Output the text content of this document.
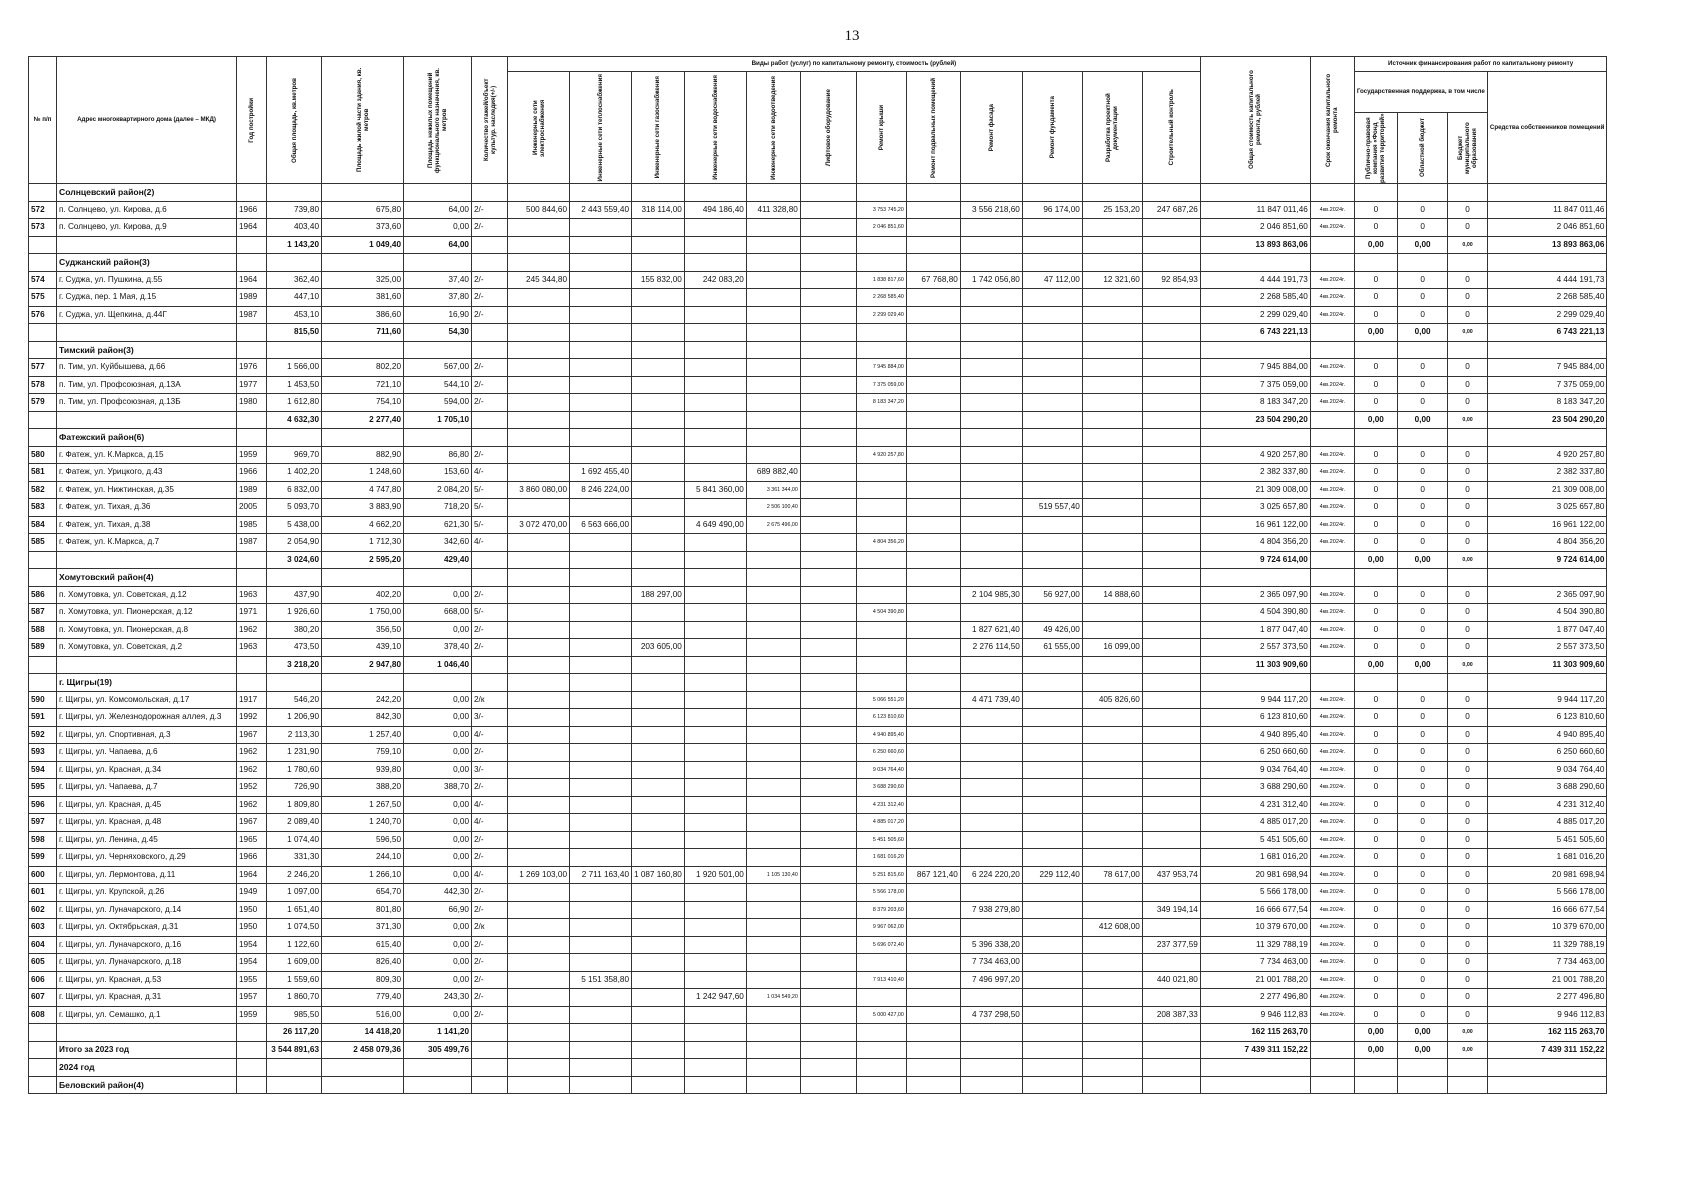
13
№ п/п	Адрес многоквартирного дома (далее – МКД)	Год постройки	Общая площадь, кв.метров	Площадь жилой части здания, кв. метров	Площадь нежилых помещений функционального назначения, кв. метров	Количество этажей/объект культур. наследия(+/-)	Виды работ (услуг) по капитальному ремонту, стоимость (рублей)												Общая стоимость капитального ремонта, рублей	Срок окончания капитального ремонта	Источник финансирования работ по капитальному ремонту			

							Инженерные сети электроснабжения	Инженерные сети теплоснабжения	Инженерные сети газоснабжения	Инженерные сети водоснабжения	Инженерные сети водоотведения	Лифтовое оборудование	Ремонт крыши	Ремонт подвальных помещений	Ремонт фасада	Ремонт фундамента	Разработка проектной документации	Строительный контроль			Государственная поддержка, в том числе			Средства собственников помещений

																					Публично-правовая компания «Фонд развития территорий»	Областной бюджет	Бюджет муниципального образования	

	Солнцевский район(2)																							
572	п. Солнцево, ул. Кирова, д.6	1966	739,80	675,80	64,00	2/-	500 844,60	2 443 559,40	318 114,00	494 186,40	411 328,80		3 753 745,20		3 556 218,60	96 174,00	25 153,20	247 687,26	11 847 011,46	4кв.2024г.	0	0	0	11 847 011,46
573	п. Солнцево, ул. Кирова, д.9	1964	403,40	373,60	0,00	2/-							2 046 851,60						2 046 851,60	4кв.2024г.	0	0	0	2 046 851,60
			1 143,20	1 049,40	64,00														13 893 863,06		0,00	0,00	0,00	13 893 863,06
	Суджанский район(3)																							
574	г. Суджа, ул. Пушкина, д.55	1964	362,40	325,00	37,40	2/-	245 344,80		155 832,00	242 083,20			1 838 817,60	67 768,80	1 742 056,80	47 112,00	12 321,60	92 854,93	4 444 191,73	4кв.2024г.	0	0	0	4 444 191,73
575	г. Суджа, пер. 1 Мая, д.15	1989	447,10	381,60	37,80	2/-							2 268 585,40						2 268 585,40	4кв.2024г.	0	0	0	2 268 585,40
576	г. Суджа, ул. Щепкина, д.44Г	1987	453,10	386,60	16,90	2/-							2 299 029,40						2 299 029,40	4кв.2024г.	0	0	0	2 299 029,40
			815,50	711,60	54,30														6 743 221,13		0,00	0,00	0,00	6 743 221,13
	Тимский район(3)																							
577	п. Тим, ул. Куйбышева, д.66	1976	1 566,00	802,20	567,00	2/-							7 945 884,00						7 945 884,00	4кв.2024г.	0	0	0	7 945 884,00
578	п. Тим, ул. Профсоюзная, д.13А	1977	1 453,50	721,10	544,10	2/-							7 375 059,00						7 375 059,00	4кв.2024г.	0	0	0	7 375 059,00
579	п. Тим, ул. Профсоюзная, д.13Б	1980	1 612,80	754,10	594,00	2/-							8 183 347,20						8 183 347,20	4кв.2024г.	0	0	0	8 183 347,20
			4 632,30	2 277,40	1 705,10														23 504 290,20		0,00	0,00	0,00	23 504 290,20
	Фатежский район(6)																							
580	г. Фатеж, ул. К.Маркса, д.15	1959	969,70	882,90	86,80	2/-							4 920 257,80						4 920 257,80	4кв.2024г.	0	0	0	4 920 257,80
581	г. Фатеж, ул. Урицкого, д.43	1966	1 402,20	1 248,60	153,60	4/-		1 692 455,40			689 882,40								2 382 337,80	4кв.2024г.	0	0	0	2 382 337,80
582	г. Фатеж, ул. Нижтинская, д.35	1989	6 832,00	4 747,80	2 084,20	5/-	3 860 080,00	8 246 224,00		5 841 360,00	3 361 344,00								21 309 008,00	4кв.2024г.	0	0	0	21 309 008,00
583	г. Фатеж, ул. Тихая, д.36	2005	5 093,70	3 883,90	718,20	5/-					2 506 100,40					519 557,40			3 025 657,80	4кв.2024г.	0	0	0	3 025 657,80
584	г. Фатеж, ул. Тихая, д.38	1985	5 438,00	4 662,20	621,30	5/-	3 072 470,00	6 563 666,00		4 649 490,00	2 675 496,00								16 961 122,00	4кв.2024г.	0	0	0	16 961 122,00
585	г. Фатеж, ул. К.Маркса, д.7	1987	2 054,90	1 712,30	342,60	4/-							4 804 356,20						4 804 356,20	4кв.2024г.	0	0	0	4 804 356,20
			3 024,60	2 595,20	429,40														9 724 614,00		0,00	0,00	0,00	9 724 614,00
	Хомутовский район(4)																							
586	п. Хомутовка, ул. Советская, д.12	1963	437,90	402,20	0,00	2/-			188 297,00						2 104 985,30	56 927,00	14 888,60		2 365 097,90	4кв.2024г.	0	0	0	2 365 097,90
587	п. Хомутовка, ул. Пионерская, д.12	1971	1 926,60	1 750,00	668,00	5/-							4 504 390,80						4 504 390,80	4кв.2024г.	0	0	0	4 504 390,80
588	п. Хомутовка, ул. Пионерская, д.8	1962	380,20	356,50	0,00	2/-									1 827 621,40	49 426,00			1 877 047,40	4кв.2024г.	0	0	0	1 877 047,40
589	п. Хомутовка, ул. Советская, д.2	1963	473,50	439,10	378,40	2/-			203 605,00						2 276 114,50	61 555,00	16 099,00		2 557 373,50	4кв.2024г.	0	0	0	2 557 373,50
			3 218,20	2 947,80	1 046,40														11 303 909,60		0,00	0,00	0,00	11 303 909,60
	г. Щигры(19)																							
590	г. Щигры, ул. Комсомольская, д.17	1917	546,20	242,20	0,00	2/к							5 066 551,20		4 471 739,40		405 826,60		9 944 117,20	4кв.2024г.	0	0	0	9 944 117,20
591	г. Щигры, ул. Железнодорожная аллея, д.3	1992	1 206,90	842,30	0,00	3/-							6 123 810,60						6 123 810,60	4кв.2024г.	0	0	0	6 123 810,60
592	г. Щигры, ул. Спортивная, д.3	1967	2 113,30	1 257,40	0,00	4/-							4 940 895,40						4 940 895,40	4кв.2024г.	0	0	0	4 940 895,40
593	г. Щигры, ул. Чапаева, д.6	1962	1 231,90	759,10	0,00	2/-							6 250 660,60						6 250 660,60	4кв.2024г.	0	0	0	6 250 660,60
594	г. Щигры, ул. Красная, д.34	1962	1 780,60	939,80	0,00	3/-							9 034 764,40						9 034 764,40	4кв.2024г.	0	0	0	9 034 764,40
595	г. Щигры, ул. Чапаева, д.7	1952	726,90	388,20	388,70	2/-							3 688 290,60						3 688 290,60	4кв.2024г.	0	0	0	3 688 290,60
596	г. Щигры, ул. Красная, д.45	1962	1 809,80	1 267,50	0,00	4/-							4 231 312,40						4 231 312,40	4кв.2024г.	0	0	0	4 231 312,40
597	г. Щигры, ул. Красная, д.48	1967	2 089,40	1 240,70	0,00	4/-							4 885 017,20						4 885 017,20	4кв.2024г.	0	0	0	4 885 017,20
598	г. Щигры, ул. Ленина, д.45	1965	1 074,40	596,50	0,00	2/-							5 451 505,60						5 451 505,60	4кв.2024г.	0	0	0	5 451 505,60
599	г. Щигры, ул. Черняховского, д.29	1966	331,30	244,10	0,00	2/-							1 681 016,20						1 681 016,20	4кв.2024г.	0	0	0	1 681 016,20
600	г. Щигры, ул. Лермонтова, д.11	1964	2 246,20	1 266,10	0,00	4/-	1 269 103,00	2 711 163,40	1 087 160,80	1 920 501,00	1 105 130,40		5 251 815,60	867 121,40	6 224 220,20	229 112,40	78 617,00	437 953,74	20 981 698,94	4кв.2024г.	0	0	0	20 981 698,94
601	г. Щигры, ул. Крупской, д.26	1949	1 097,00	654,70	442,30	2/-							5 566 178,00						5 566 178,00	4кв.2024г.	0	0	0	5 566 178,00
602	г. Щигры, ул. Луначарского, д.14	1950	1 651,40	801,80	66,90	2/-							8 379 203,60		7 938 279,80			349 194,14	16 666 677,54	4кв.2024г.	0	0	0	16 666 677,54
603	г. Щигры, ул. Октябрьская, д.31	1950	1 074,50	371,30	0,00	2/к							9 967 062,00				412 608,00		10 379 670,00	4кв.2024г.	0	0	0	10 379 670,00
604	г. Щигры, ул. Луначарского, д.16	1954	1 122,60	615,40	0,00	2/-							5 696 072,40		5 396 338,20			237 377,59	11 329 788,19	4кв.2024г.	0	0	0	11 329 788,19
605	г. Щигры, ул. Луначарского, д.18	1954	1 609,00	826,40	0,00	2/-									7 734 463,00				7 734 463,00	4кв.2024г.	0	0	0	7 734 463,00
606	г. Щигры, ул. Красная, д.53	1955	1 559,60	809,30	0,00	2/-		5 151 358,80					7 913 410,40		7 496 997,20			440 021,80	21 001 788,20	4кв.2024г.	0	0	0	21 001 788,20
607	г. Щигры, ул. Красная, д.31	1957	1 860,70	779,40	243,30	2/-				1 242 947,60	1 034 549,20								2 277 496,80	4кв.2024г.	0	0	0	2 277 496,80
608	г. Щигры, ул. Семашко, д.1	1959	985,50	516,00	0,00	2/-							5 000 427,00		4 737 298,50			208 387,33	9 946 112,83	4кв.2024г.	0	0	0	9 946 112,83
			26 117,20	14 418,20	1 141,20														162 115 263,70		0,00	0,00	0,00	162 115 263,70
	Итого за 2023 год		3 544 891,63	2 458 079,36	305 499,76														7 439 311 152,22		0,00	0,00	0,00	7 439 311 152,22
	2024 год																							
	Беловский район(4)																							
